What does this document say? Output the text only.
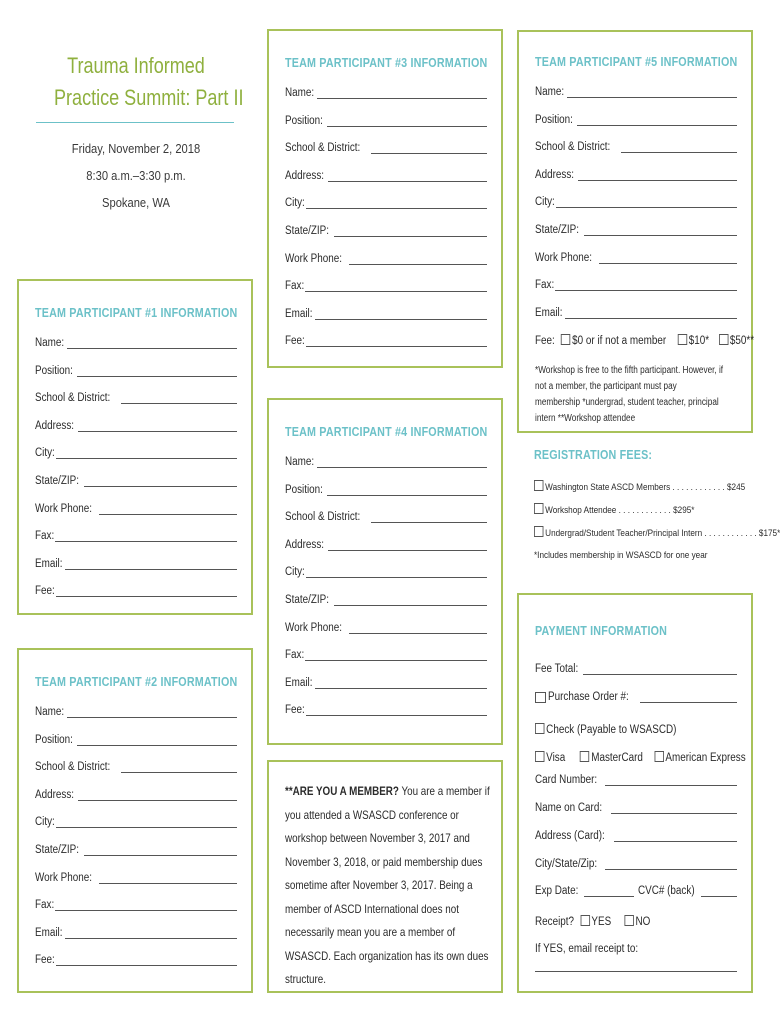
Trauma Informed
Practice Summit: Part II
Friday, November 2, 2018
8:30 a.m.–3:30 p.m.
Spokane, WA
TEAM PARTICIPANT #1 INFORMATION
Name:
Position:
School & District:
Address:
City:
State/ZIP:
Work Phone:
Fax:
Email:
Fee:
TEAM PARTICIPANT #2 INFORMATION
Name:
Position:
School & District:
Address:
City:
State/ZIP:
Work Phone:
Fax:
Email:
Fee:
TEAM PARTICIPANT #3 INFORMATION
Name:
Position:
School & District:
Address:
City:
State/ZIP:
Work Phone:
Fax:
Email:
Fee:
TEAM PARTICIPANT #4 INFORMATION
Name:
Position:
School & District:
Address:
City:
State/ZIP:
Work Phone:
Fax:
Email:
Fee:
TEAM PARTICIPANT #5 INFORMATION
Fee: $0 or if not a member $10* $50**
*Workshop is free to the fifth participant. However, if not a member, the participant must pay membership *undergrad, student teacher, principal intern **Workshop attendee
Name:
Position:
School & District:
Address:
City:
State/ZIP:
Work Phone:
Fax:
Email:
REGISTRATION FEES:
Washington State ASCD Members . . . . . . . . . . . . $245
Workshop Attendee . . . . . . . . . . . . $295*
Undergrad/Student Teacher/Principal Intern . . . . . . . . . . . . $175*
*Includes membership in WSASCD for one year
**ARE YOU A MEMBER? You are a member if you attended a WSASCD conference or workshop between November 3, 2017 and November 3, 2018, or paid membership dues sometime after November 3, 2017. Being a member of ASCD International does not necessarily mean you are a member of WSASCD. Each organization has its own dues structure.
PAYMENT INFORMATION
Fee Total:
Purchase Order #:
Check (Payable to WSASCD)
Visa MasterCard American Express
Card Number:
Name on Card:
Address (Card):
City/State/Zip:
Exp Date:	CVC# (back)
Receipt? YES NO
If YES, email receipt to:
